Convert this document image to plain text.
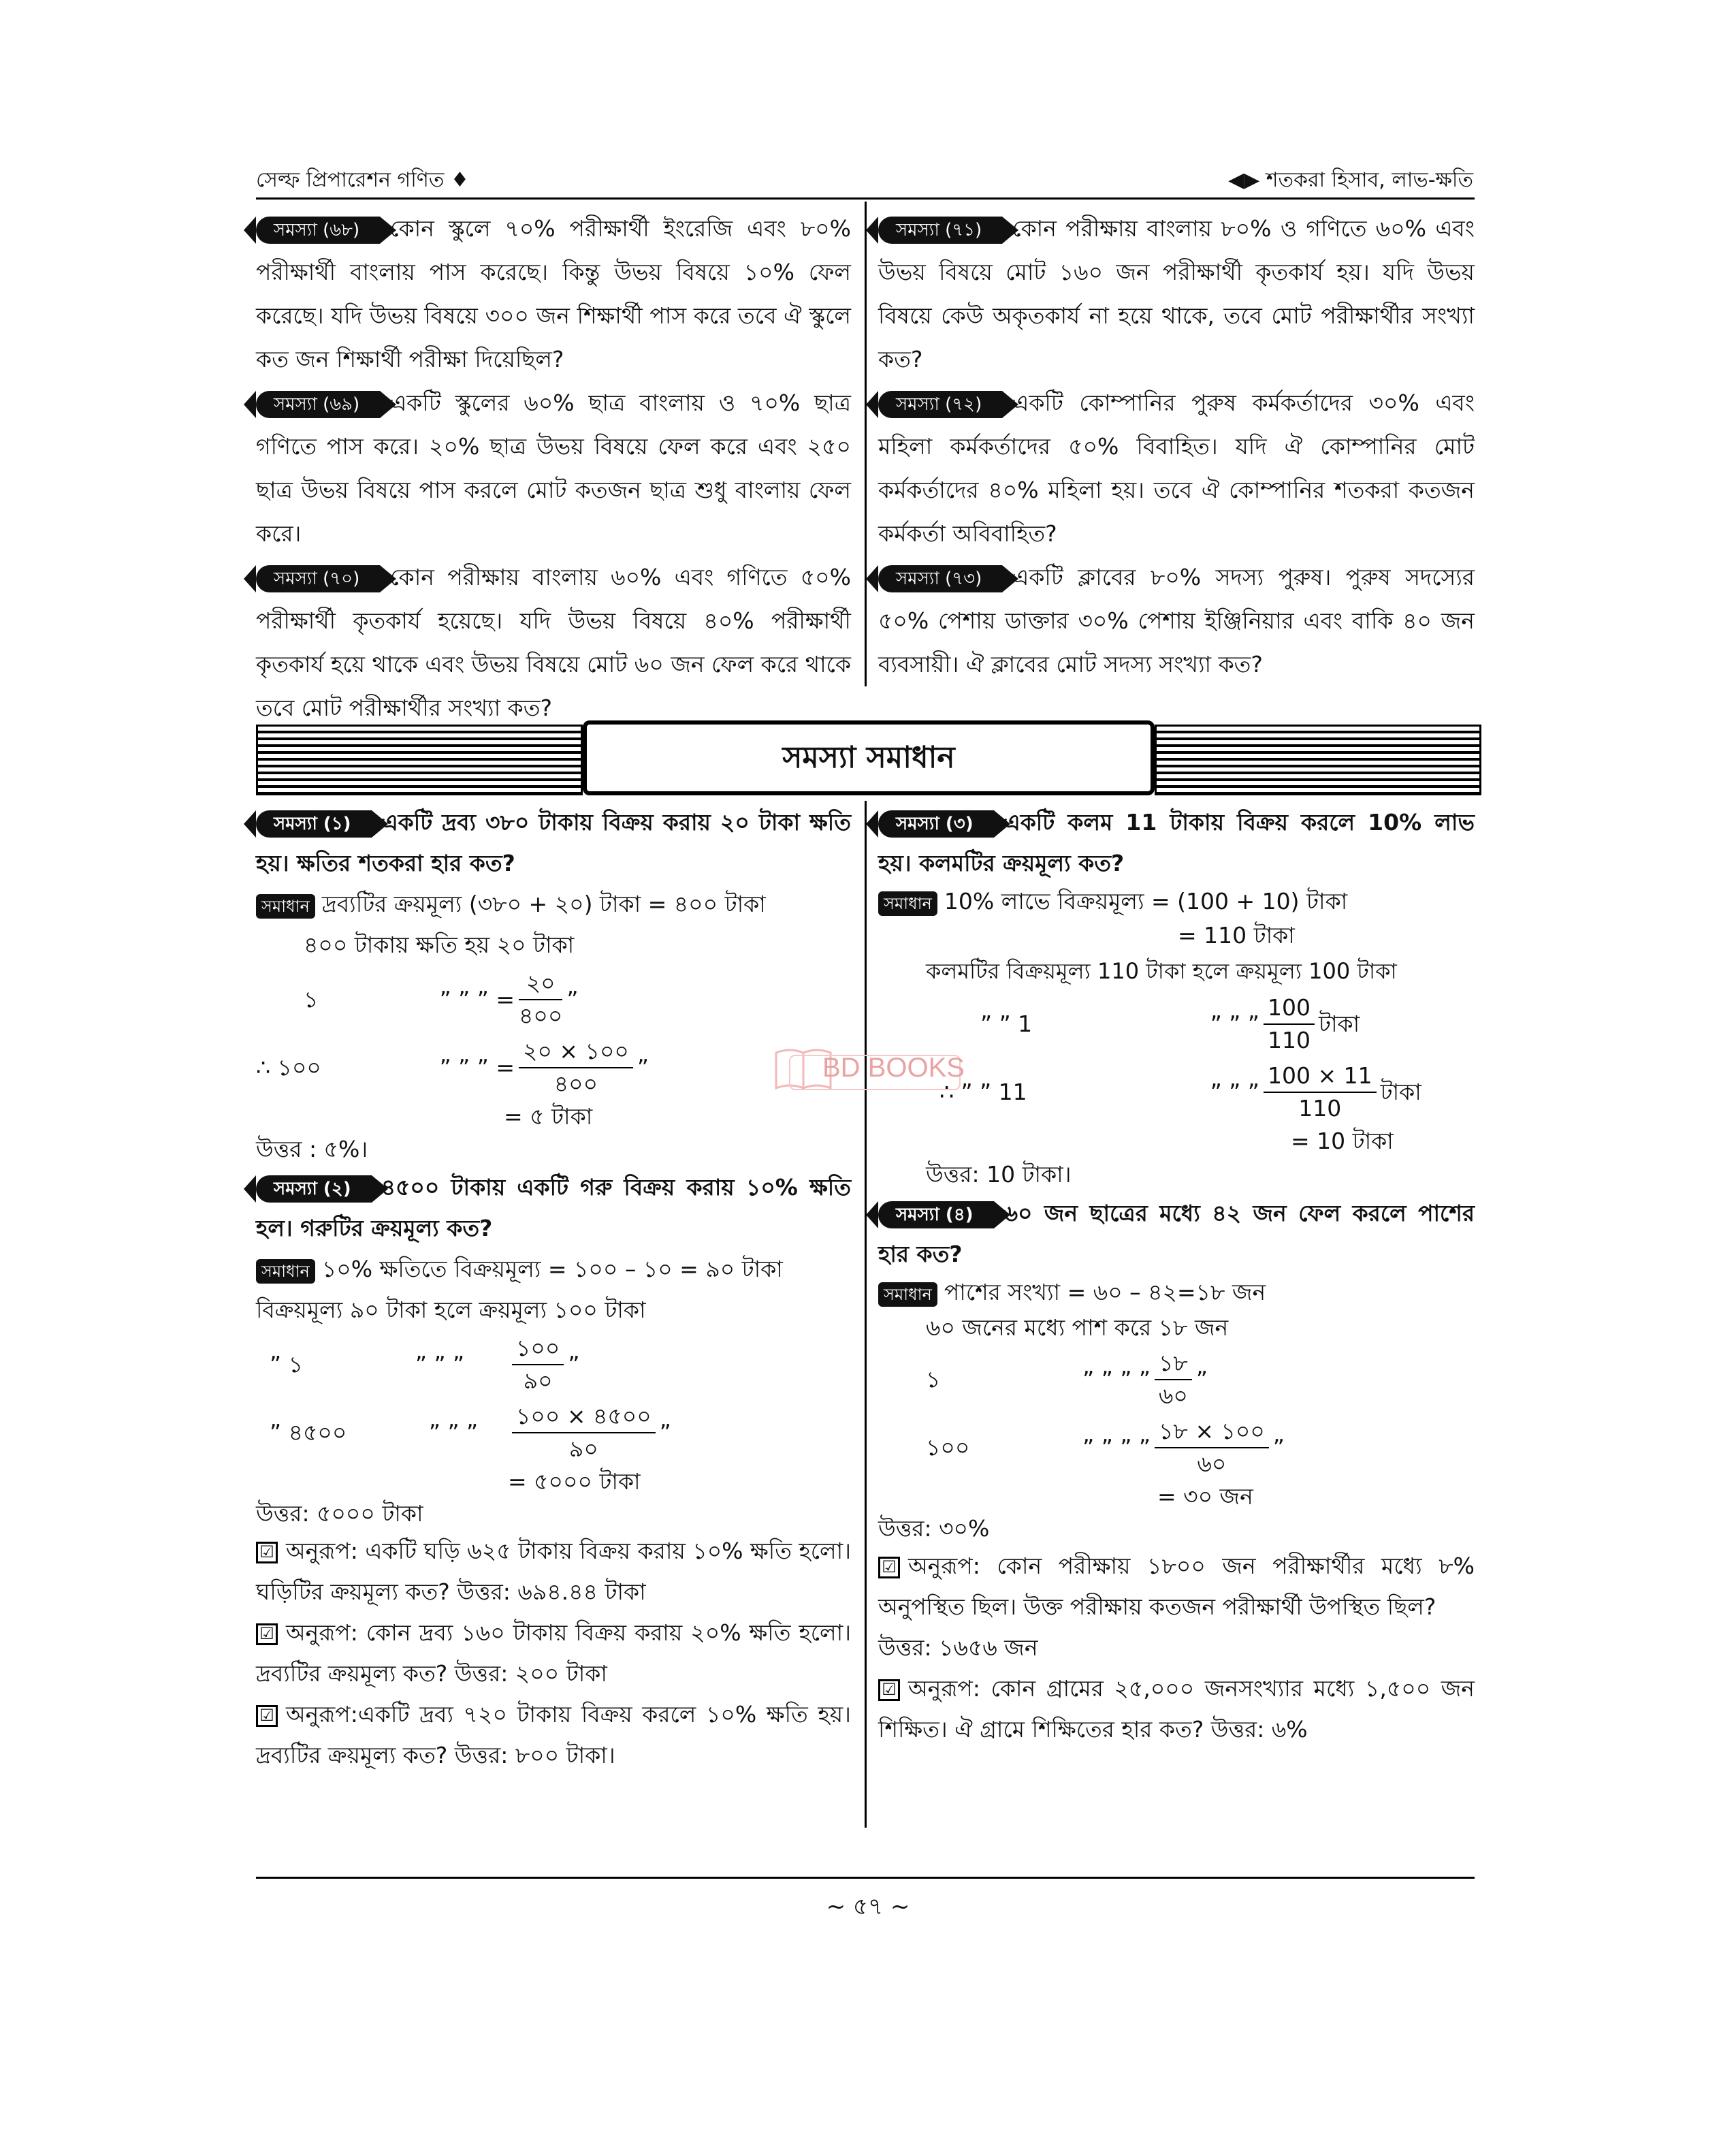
সেল্ফ প্রিপারেশন গণিত ♦	◀▶ শতকরা হিসাব, লাভ-ক্ষতি

সমস্যা (৬৮) কোন স্কুলে ৭০% পরীক্ষার্থী ইংরেজি এবং ৮০% পরীক্ষার্থী বাংলায় পাস করেছে। কিন্তু উভয় বিষয়ে ১০% ফেল করেছে। যদি উভয় বিষয়ে ৩০০ জন শিক্ষার্থী পাস করে তবে ঐ স্কুলে কত জন শিক্ষার্থী পরীক্ষা দিয়েছিল?

সমস্যা (৬৯) একটি স্কুলের ৬০% ছাত্র বাংলায় ও ৭০% ছাত্র গণিতে পাস করে। ২০% ছাত্র উভয় বিষয়ে ফেল করে এবং ২৫০ ছাত্র উভয় বিষয়ে পাস করলে মোট কতজন ছাত্র শুধু বাংলায় ফেল করে।

সমস্যা (৭০) কোন পরীক্ষায় বাংলায় ৬০% এবং গণিতে ৫০% পরীক্ষার্থী কৃতকার্য হয়েছে। যদি উভয় বিষয়ে ৪০% পরীক্ষার্থী কৃতকার্য হয়ে থাকে এবং উভয় বিষয়ে মোট ৬০ জন ফেল করে থাকে তবে মোট পরীক্ষার্থীর সংখ্যা কত?

সমস্যা (৭১) কোন পরীক্ষায় বাংলায় ৮০% ও গণিতে ৬০% এবং উভয় বিষয়ে মোট ১৬০ জন পরীক্ষার্থী কৃতকার্য হয়। যদি উভয় বিষয়ে কেউ অকৃতকার্য না হয়ে থাকে, তবে মোট পরীক্ষার্থীর সংখ্যা কত?

সমস্যা (৭২) একটি কোম্পানির পুরুষ কর্মকর্তাদের ৩০% এবং মহিলা কর্মকর্তাদের ৫০% বিবাহিত। যদি ঐ কোম্পানির মোট কর্মকর্তাদের ৪০% মহিলা হয়। তবে ঐ কোম্পানির শতকরা কতজন কর্মকর্তা অবিবাহিত?

সমস্যা (৭৩) একটি ক্লাবের ৮০% সদস্য পুরুষ। পুরুষ সদস্যের ৫০% পেশায় ডাক্তার ৩০% পেশায় ইঞ্জিনিয়ার এবং বাকি ৪০ জন ব্যবসায়ী। ঐ ক্লাবের মোট সদস্য সংখ্যা কত?

সমস্যা সমাধান

সমস্যা (১) একটি দ্রব্য ৩৮০ টাকায় বিক্রয় করায় ২০ টাকা ক্ষতি হয়। ক্ষতির শতকরা হার কত?

সমাধান দ্রব্যটির ক্রয়মূল্য (৩৮০ + ২০) টাকা = ৪০০ টাকা

৪০০ টাকায় ক্ষতি হয় ২০ টাকা

১	” ” ” = $\frac{২০}{৪০০}$ ”
∴ ১০০	” ” ” = $\frac{২০ \times ১০০}{৪০০}$ ”

= ৫ টাকা

উত্তর : ৫%।

সমস্যা (২) ৪৫০০ টাকায় একটি গরু বিক্রয় করায় ১০% ক্ষতি হল। গরুটির ক্রয়মূল্য কত?

সমাধান ১০% ক্ষতিতে বিক্রয়মূল্য = ১০০ – ১০ = ৯০ টাকা

বিক্রয়মূল্য ৯০ টাকা হলে ক্রয়মূল্য ১০০ টাকা

” ১	” ” ”	$\frac{১০০}{৯০}$ ”
” ৪৫০০	” ” ”	$\frac{১০০ \times ৪৫০০}{৯০}$ ”

= ৫০০০ টাকা

উত্তর: ৫০০০ টাকা

☑ অনুরূপ: একটি ঘড়ি ৬২৫ টাকায় বিক্রয় করায় ১০% ক্ষতি হলো। ঘড়িটির ক্রয়মূল্য কত? উত্তর: ৬৯৪.৪৪ টাকা

☑ অনুরূপ: কোন দ্রব্য ১৬০ টাকায় বিক্রয় করায় ২০% ক্ষতি হলো। দ্রব্যটির ক্রয়মূল্য কত? উত্তর: ২০০ টাকা

☑ অনুরূপ:একটি দ্রব্য ৭২০ টাকায় বিক্রয় করলে ১০% ক্ষতি হয়। দ্রব্যটির ক্রয়মূল্য কত? উত্তর: ৮০০ টাকা।

সমস্যা (৩) একটি কলম 11 টাকায় বিক্রয় করলে 10% লাভ হয়। কলমটির ক্রয়মূল্য কত?

সমাধান 10% লাভে বিক্রয়মূল্য = (100 + 10) টাকা

= 110 টাকা

কলমটির বিক্রয়মূল্য 110 টাকা হলে ক্রয়মূল্য 100 টাকা

” ” 1	” ” ” $\frac{100}{110}$ টাকা
∴ ” ” 11	” ” ” $\frac{100 \times 11}{110}$ টাকা

= 10 টাকা

উত্তর: 10 টাকা।

সমস্যা (৪) ৬০ জন ছাত্রের মধ্যে ৪২ জন ফেল করলে পাশের হার কত?

সমাধান পাশের সংখ্যা = ৬০ – ৪২=১৮ জন

৬০ জনের মধ্যে পাশ করে ১৮ জন

১	” ” ” ” $\frac{১৮}{৬০}$ ”
১০০	” ” ” ” $\frac{১৮ \times ১০০}{৬০}$ ”

= ৩০ জন

উত্তর: ৩০%

☑ অনুরূপ: কোন পরীক্ষায় ১৮০০ জন পরীক্ষার্থীর মধ্যে ৮% অনুপস্থিত ছিল। উক্ত পরীক্ষায় কতজন পরীক্ষার্থী উপস্থিত ছিল?

উত্তর: ১৬৫৬ জন

☑ অনুরূপ: কোন গ্রামের ২৫,০০০ জনসংখ্যার মধ্যে ১,৫০০ জন শিক্ষিত। ঐ গ্রামে শিক্ষিতের হার কত? উত্তর: ৬%

BD BOOKS
~ ৫৭ ~
